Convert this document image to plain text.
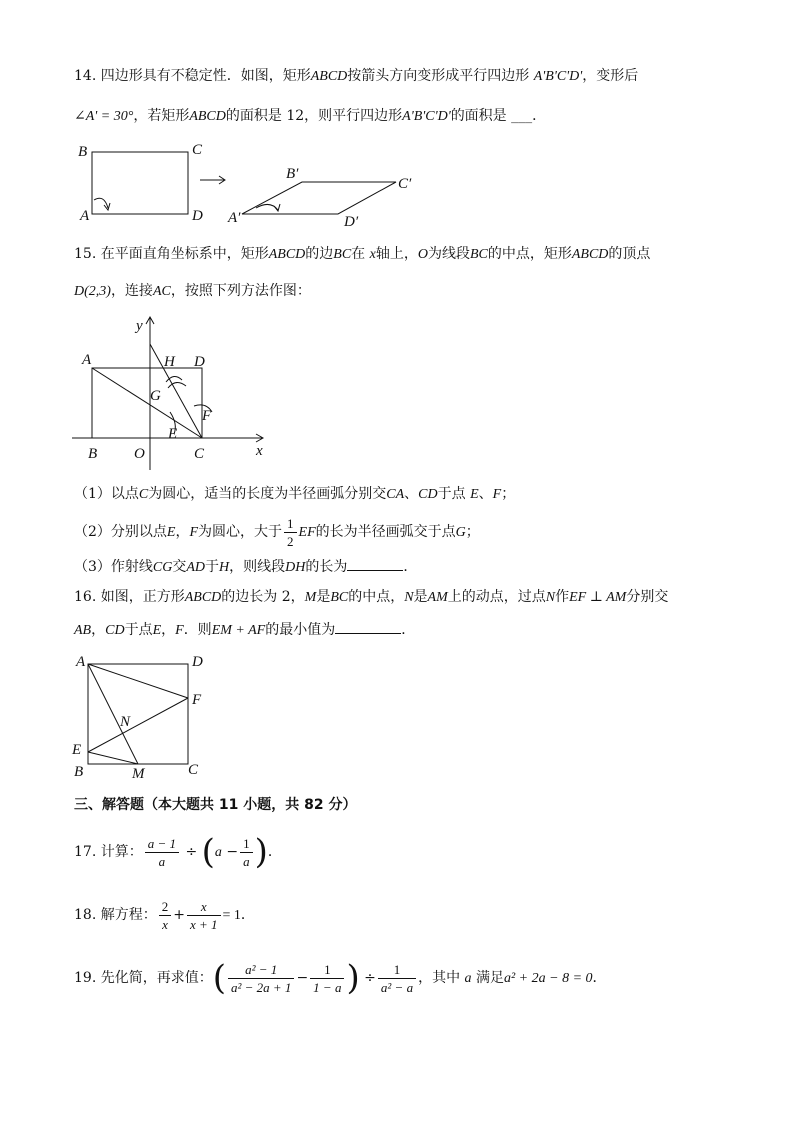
14. 四边形具有不稳定性．如图，矩形ABCD按箭头方向变形成平行四边形 A'B'C'D'，变形后
∠A' = 30°，若矩形ABCD的面积是 12，则平行四边形A'B'C'D'的面积是 ___．
B	C
A	D
B′
C′
A′	D′
15. 在平面直角坐标系中，矩形ABCD的边BC在 x轴上，O为线段BC的中点，矩形ABCD的顶点
D(2,3)，连接AC，按照下列方法作图：
A	H D
y
G
F
E
B O	C	x
（1）以点C为圆心，适当的长度为半径画弧分别交CA、CD于点 E、F；
（2）分别以点E，F为圆心，大于 $\frac{1}{2}$ EF的长为半径画弧交于点G；
（3）作射线CG交AD于H，则线段DH的长为	．
16. 如图，正方形ABCD的边长为 2，M是BC的中点，N是AM上的动点，过点N作EF ⊥ AM分别交
AB，CD于点E，F．则EM + AF的最小值为	．
A	D
F
N
E
B	M	C
三、解答题（本大题共 11 小题，共 82 分）
17. 计算： $\frac{a - 1}{a} \div (a - \frac{1}{a}$ )．
18. 解方程： $\frac{2}{x} + \frac{x}{x + 1} = 1$．
19. 先化简，再求值：( $\frac{\text{a² − 1}}{\text{a² − 2a + 1}} - \frac{1}{1 - a}$ ) ÷ $\frac{1}{\text{a² − a}}$ ，其中 a 满足a² + 2a − 8 = 0．
